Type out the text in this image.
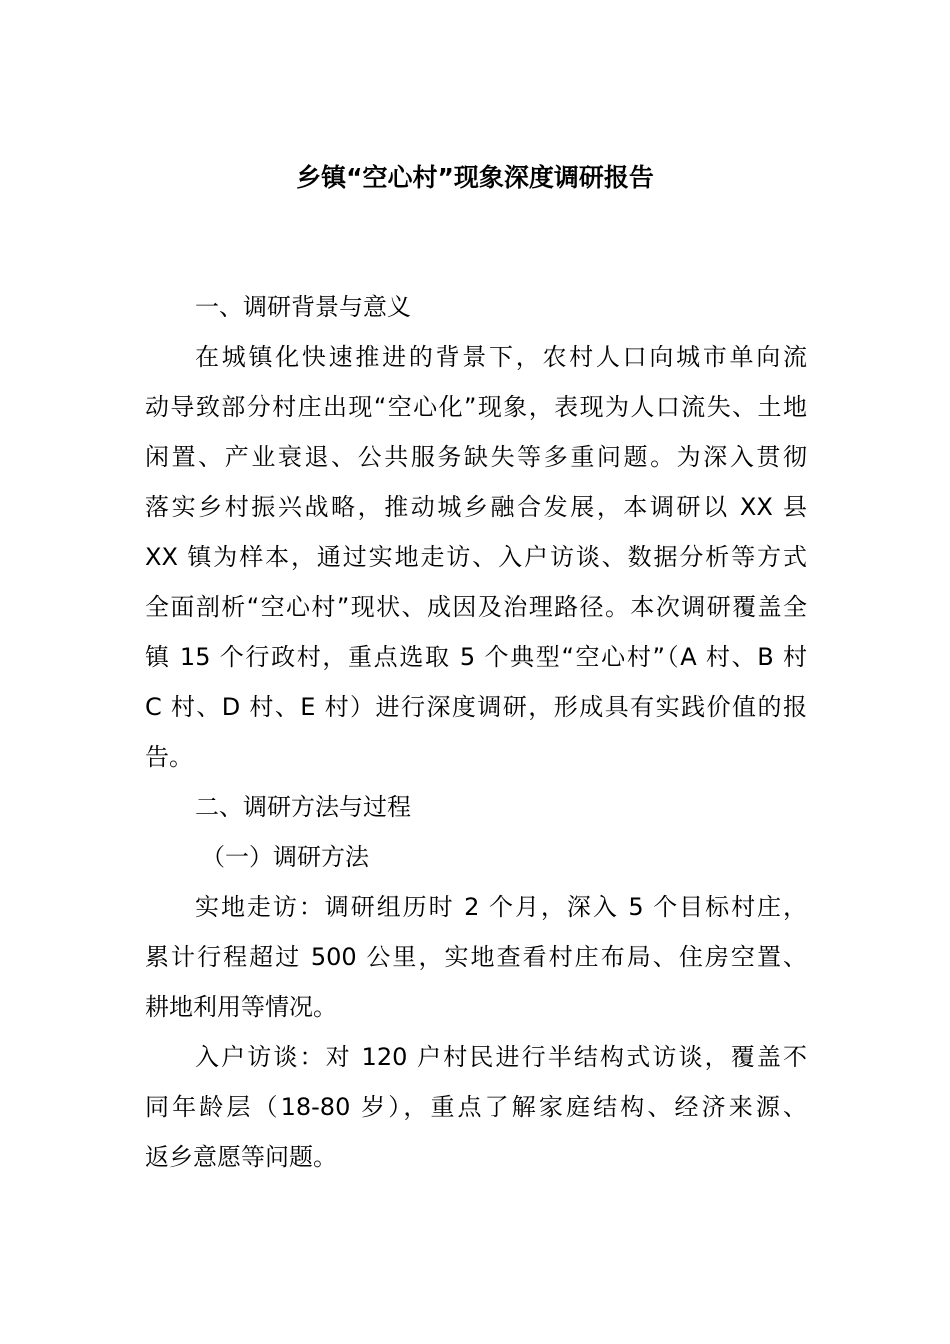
乡镇“空心村”现象深度调研报告

一、调研背景与意义

在城镇化快速推进的背景下，农村人口向城市单向流

动导致部分村庄出现“空心化”现象，表现为人口流失、土地

闲置、产业衰退、公共服务缺失等多重问题。为深入贯彻

落实乡村振兴战略，推动城乡融合发展，本调研以 XX 县

XX 镇为样本，通过实地走访、入户访谈、数据分析等方式

全面剖析“空心村”现状、成因及治理路径。本次调研覆盖全

镇 15 个行政村，重点选取 5 个典型“空心村”（A 村、B 村

C 村、D 村、E 村）进行深度调研，形成具有实践价值的报

告。

二、调研方法与过程

（一）调研方法

实地走访：调研组历时 2 个月，深入 5 个目标村庄，

累计行程超过 500 公里，实地查看村庄布局、住房空置、

耕地利用等情况。

入户访谈：对 120 户村民进行半结构式访谈，覆盖不

同年龄层（18-80 岁），重点了解家庭结构、经济来源、

返乡意愿等问题。
